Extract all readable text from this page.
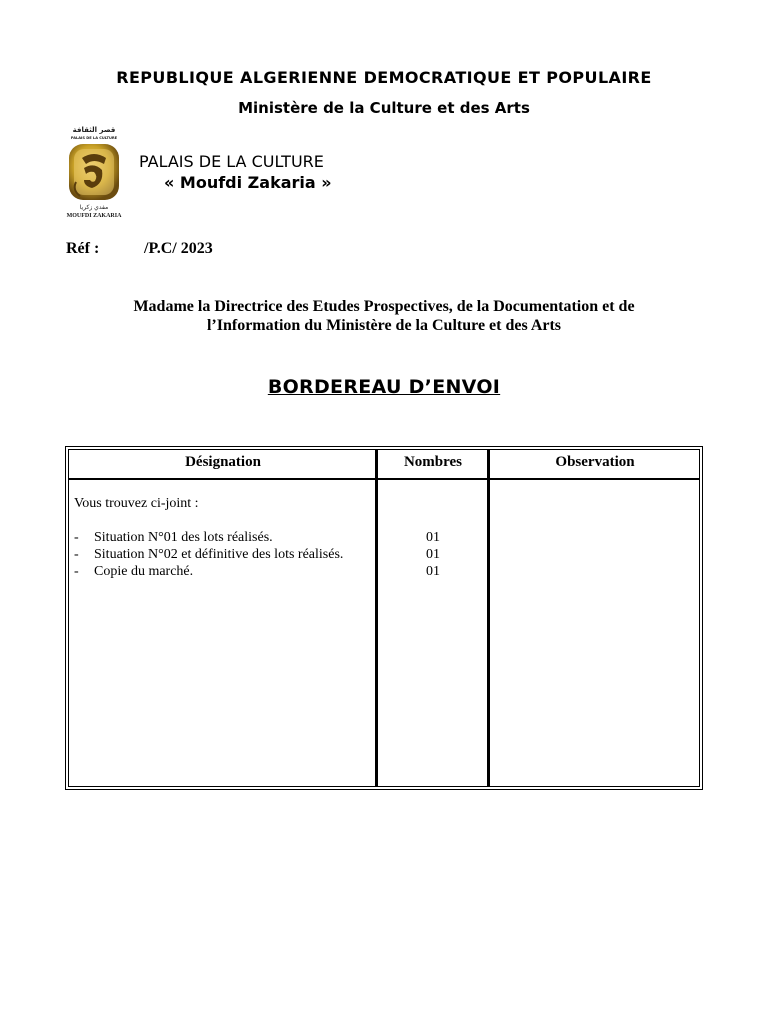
REPUBLIQUE ALGERIENNE DEMOCRATIQUE ET POPULAIRE
Ministère de la Culture et des Arts
قصر الثقافة
PALAIS DE LA CULTURE
مفدي زكريا
MOUFDI ZAKARIA
PALAIS DE LA CULTURE
« Moufdi Zakaria »
Réf :	/P.C/ 2023
Madame la Directrice des Etudes Prospectives, de la Documentation et de
l’Information du Ministère de la Culture et des Arts
BORDEREAU D’ENVOI
Désignation	Nombres	Observation
Vous trouvez ci-joint :
- Situation N°01 des lots réalisés.	01
- Situation N°02 et définitive des lots réalisés.	01
- Copie du marché.	01
